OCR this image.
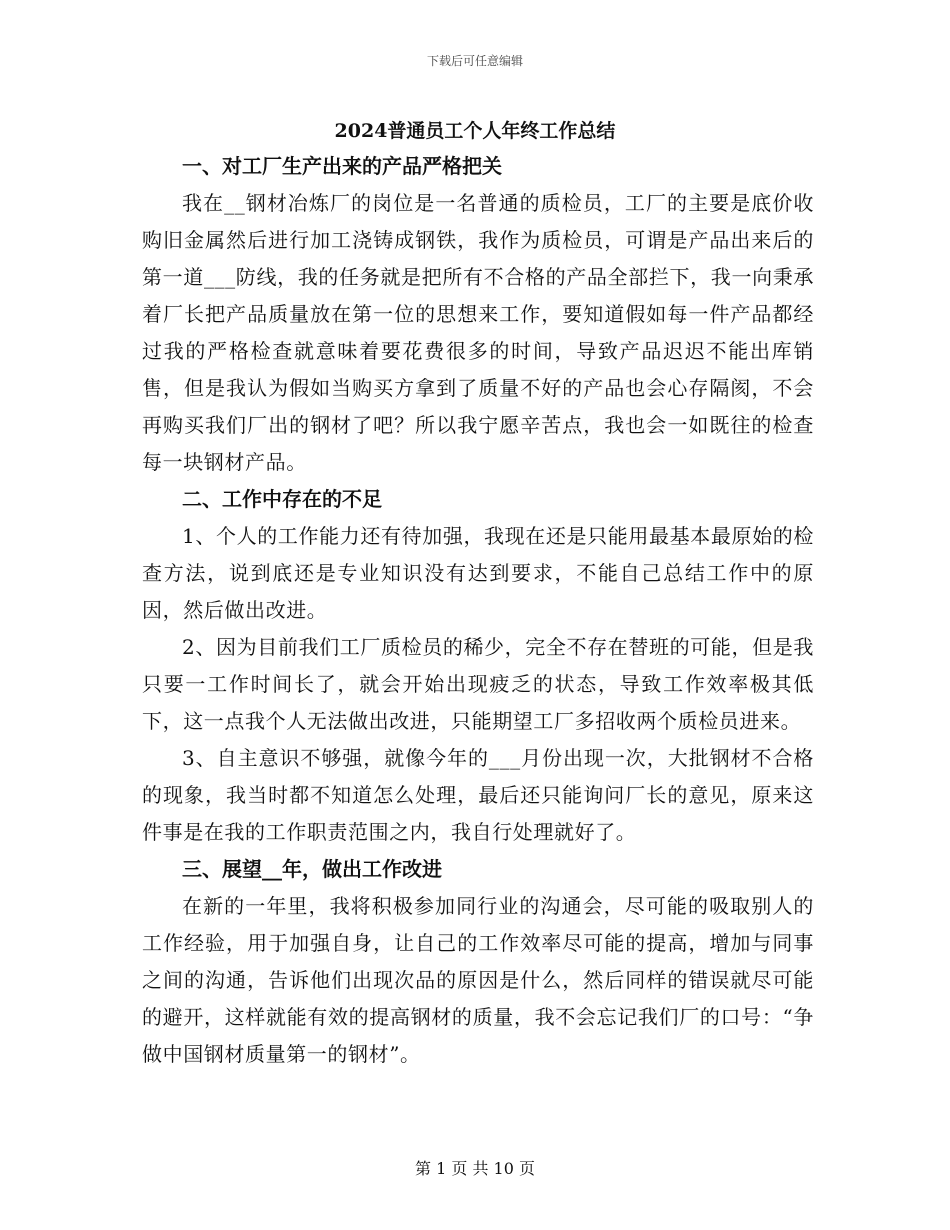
下载后可任意编辑
2024普通员工个人年终工作总结

一、对工厂生产出来的产品严格把关

我在__钢材冶炼厂的岗位是一名普通的质检员，工厂的主要是底价收购旧金属然后进行加工浇铸成钢铁，我作为质检员，可谓是产品出来后的第一道___防线，我的任务就是把所有不合格的产品全部拦下，我一向秉承着厂长把产品质量放在第一位的思想来工作，要知道假如每一件产品都经过我的严格检查就意味着要花费很多的时间，导致产品迟迟不能出库销售，但是我认为假如当购买方拿到了质量不好的产品也会心存隔阂，不会再购买我们厂出的钢材了吧？所以我宁愿辛苦点，我也会一如既往的检查每一块钢材产品。

二、工作中存在的不足

1、个人的工作能力还有待加强，我现在还是只能用最基本最原始的检查方法，说到底还是专业知识没有达到要求，不能自己总结工作中的原因，然后做出改进。

2、因为目前我们工厂质检员的稀少，完全不存在替班的可能，但是我只要一工作时间长了，就会开始出现疲乏的状态，导致工作效率极其低下，这一点我个人无法做出改进，只能期望工厂多招收两个质检员进来。

3、自主意识不够强，就像今年的___月份出现一次，大批钢材不合格的现象，我当时都不知道怎么处理，最后还只能询问厂长的意见，原来这件事是在我的工作职责范围之内，我自行处理就好了。

三、展望__年，做出工作改进

在新的一年里，我将积极参加同行业的沟通会，尽可能的吸取别人的工作经验，用于加强自身，让自己的工作效率尽可能的提高，增加与同事之间的沟通，告诉他们出现次品的原因是什么，然后同样的错误就尽可能的避开，这样就能有效的提高钢材的质量，我不会忘记我们厂的口号：“争做中国钢材质量第一的钢材”。

第 1 页 共 10 页
